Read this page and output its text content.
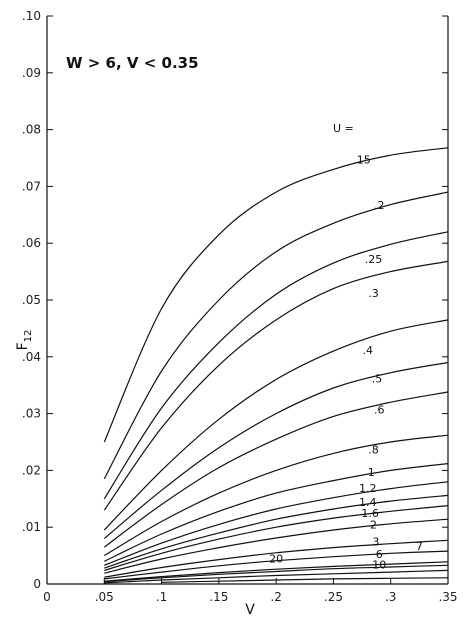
0	.05	.1	.15	.2	.25	.3	.35
0
.01
.02
.03
.04
.05
.06
.07
.08
.09
.10
.15
.2
.25
.3
.4
.5
.6
.8
1
1.2
1.4
1.6
2
3
6
7
10
20
W > 6, V < 0.35
U =
V
$F_{12}$
